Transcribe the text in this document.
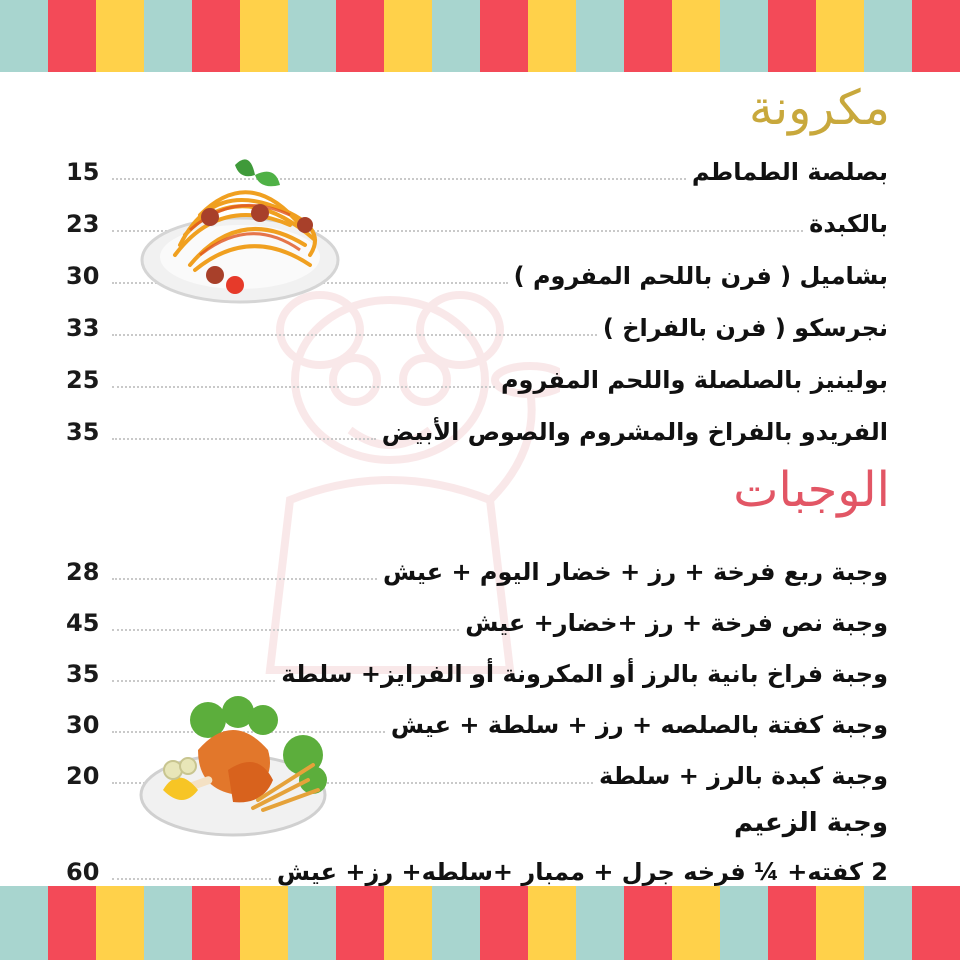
مكرونة
15	بصلصة الطماطم
23	بالكبدة
30	بشاميل ( فرن باللحم المفروم )
33	نجرسكو ( فرن بالفراخ )
25	بولينيز بالصلصلة واللحم المفروم
35	الفريدو بالفراخ والمشروم والصوص الأبيض
الوجبات
28	وجبة ربع فرخة + رز + خضار اليوم + عيش
45	وجبة نص فرخة + رز +خضار+ عيش
35	وجبة فراخ بانية بالرز أو المكرونة أو الفرايز+ سلطة
30	وجبة كفتة بالصلصه + رز + سلطة + عيش
20	وجبة كبدة بالرز + سلطة
وجبة الزعيم
60	2 كفته+ ¼ فرخه جرل + ممبار +سلطه+ رز+ عيش
